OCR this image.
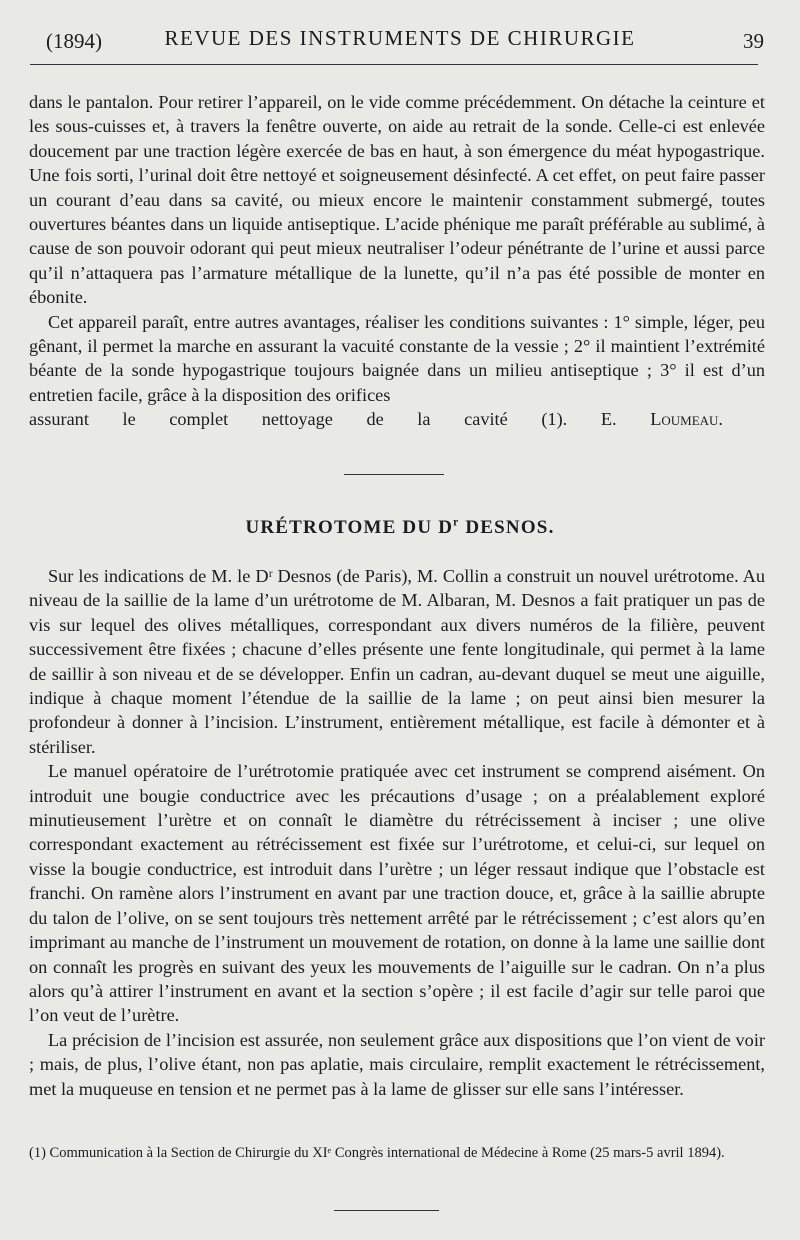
(1894)	REVUE DES INSTRUMENTS DE CHIRURGIE	39

dans le pantalon. Pour retirer l’appareil, on le vide comme précédemment. On détache la ceinture et les sous-cuisses et, à travers la fenêtre ouverte, on aide au retrait de la sonde. Celle-ci est enlevée doucement par une traction légère exercée de bas en haut, à son émergence du méat hypogastrique. Une fois sorti, l’urinal doit être nettoyé et soigneusement désinfecté. A cet effet, on peut faire passer un courant d’eau dans sa cavité, ou mieux encore le maintenir constamment submergé, toutes ouvertures béantes dans un liquide antiseptique. L’acide phénique me paraît préférable au sublimé, à cause de son pouvoir odorant qui peut mieux neutraliser l’odeur pénétrante de l’urine et aussi parce qu’il n’attaquera pas l’armature métallique de la lunette, qu’il n’a pas été possible de monter en ébonite.

Cet appareil paraît, entre autres avantages, réaliser les conditions suivantes : 1° simple, léger, peu gênant, il permet la marche en assurant la vacuité constante de la vessie ; 2° il maintient l’extrémité béante de la sonde hypogastrique toujours baignée dans un milieu antiseptique ; 3° il est d’un entretien facile, grâce à la disposition des orifices

assurant le complet nettoyage de la cavité (1). E. Loumeau.

URÉTROTOME DU $D^r$ DESNOS.

Sur les indications de M. le Dʳ Desnos (de Paris), M. Collin a construit un nouvel urétrotome. Au niveau de la saillie de la lame d’un urétrotome de M. Albaran, M. Desnos a fait pratiquer un pas de vis sur lequel des olives métalliques, correspondant aux divers numéros de la filière, peuvent successivement être fixées ; chacune d’elles présente une fente longitudinale, qui permet à la lame de saillir à son niveau et de se développer. Enfin un cadran, au-devant duquel se meut une aiguille, indique à chaque moment l’étendue de la saillie de la lame ; on peut ainsi bien mesurer la profondeur à donner à l’incision. L’instrument, entièrement métallique, est facile à démonter et à stériliser.

Le manuel opératoire de l’urétrotomie pratiquée avec cet instrument se comprend aisément. On introduit une bougie conductrice avec les précautions d’usage ; on a préalablement exploré minutieusement l’urètre et on connaît le diamètre du rétrécissement à inciser ; une olive correspondant exactement au rétrécissement est fixée sur l’urétrotome, et celui-ci, sur lequel on visse la bougie conductrice, est introduit dans l’urètre ; un léger ressaut indique que l’obstacle est franchi. On ramène alors l’instrument en avant par une traction douce, et, grâce à la saillie abrupte du talon de l’olive, on se sent toujours très nettement arrêté par le rétrécissement ; c’est alors qu’en imprimant au manche de l’instrument un mouvement de rotation, on donne à la lame une saillie dont on connaît les progrès en suivant des yeux les mouvements de l’aiguille sur le cadran. On n’a plus alors qu’à attirer l’instrument en avant et la section s’opère ; il est facile d’agir sur telle paroi que l’on veut de l’urètre.

La précision de l’incision est assurée, non seulement grâce aux dispositions que l’on vient de voir ; mais, de plus, l’olive étant, non pas aplatie, mais circulaire, remplit exactement le rétrécissement, met la muqueuse en tension et ne permet pas à la lame de glisser sur elle sans l’intéresser.

(1) Communication à la Section de Chirurgie du XIᵉ Congrès international de Médecine à Rome (25 mars-5 avril 1894).
